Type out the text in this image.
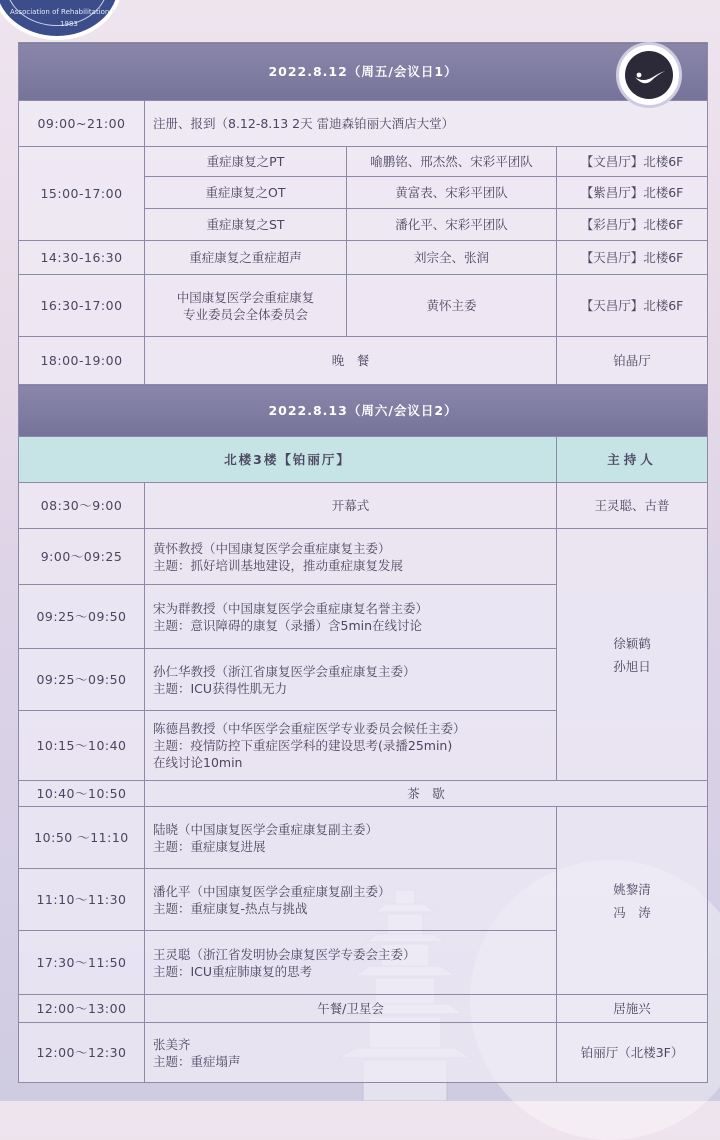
Association of Rehabilitation Me
1983
2022.8.12（周五/会议日1）			
09:00~21:00	注册、报到（8.12-8.13 2天 雷迪森铂丽大酒店大堂）		
15:00-17:00	重症康复之PT	喻鹏铭、邢杰然、宋彩平团队	【文昌厅】北楼6F
	重症康复之OT	黄富表、宋彩平团队	【紫昌厅】北楼6F
	重症康复之ST	潘化平、宋彩平团队	【彩昌厅】北楼6F
14:30-16:30	重症康复之重症超声	刘宗全、张润	【天昌厅】北楼6F
16:30-17:00	中国康复医学会重症康复
专业委员会全体委员会	黄怀主委	【天昌厅】北楼6F
18:00-19:00	晚　餐		铂晶厅
2022.8.13（周六/会议日2）			
北楼3楼【铂丽厅】			主持人
08:30～9:00	开幕式		王灵聪、古普
9:00～09:25	黄怀教授（中国康复医学会重症康复主委）
主题：抓好培训基地建设，推动重症康复发展		徐颖鹤
孙旭日

09:25～09:50	宋为群教授（中国康复医学会重症康复名誉主委）
主题：意识障碍的康复（录播）含5min在线讨论		

09:25～09:50	孙仁华教授（浙江省康复医学会重症康复主委）
主题：ICU获得性肌无力		

10:15～10:40	陈德昌教授（中华医学会重症医学专业委员会候任主委）
主题：疫情防控下重症医学科的建设思考(录播25min)
在线讨论10min		

10:40～10:50	茶　歇		
10:50 ～11:10	陆晓（中国康复医学会重症康复副主委）
主题：重症康复进展		姚黎清
冯　涛

11:10～11:30	潘化平（中国康复医学会重症康复副主委）
主题：重症康复-热点与挑战		

17:30～11:50	王灵聪（浙江省发明协会康复医学专委会主委）
主题：ICU重症肺康复的思考		

12:00～13:00	午餐/卫星会		居施兴
12:00～12:30	张美齐
主题：重症塌声		铂丽厅（北楼3F）
